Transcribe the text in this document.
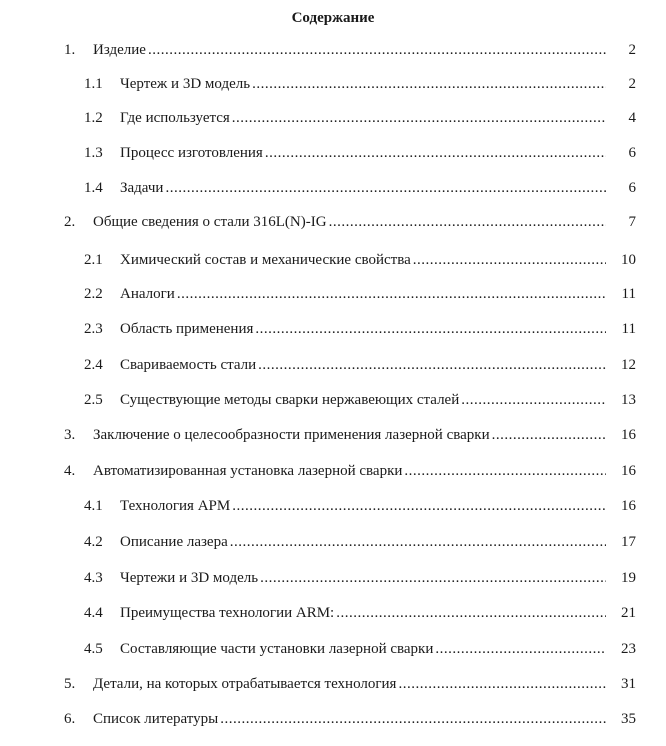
Содержание
1. Изделие .....	2
1.1 Чертеж и 3D модель .....	2
1.2 Где используется .....	4
1.3 Процесс изготовления .....	6
1.4 Задачи .....	6
2. Общие сведения о стали 316L(N)-IG .....	7
2.1 Химический состав и механические свойства .....	10
2.2 Аналоги .....	11
2.3 Область применения .....	11
2.4 Свариваемость стали .....	12
2.5 Существующие методы сварки нержавеющих сталей .....	13
3. Заключение о целесообразности применения лазерной сварки .....	16
4. Автоматизированная установка лазерной сварки .....	16
4.1 Технология АРМ .....	16
4.2 Описание лазера .....	17
4.3 Чертежи и 3D модель .....	19
4.4 Преимущества технологии ARM: .....	21
4.5 Составляющие части установки лазерной сварки .....	23
5. Детали, на которых отрабатывается технология .....	31
6. Список литературы .....	35
